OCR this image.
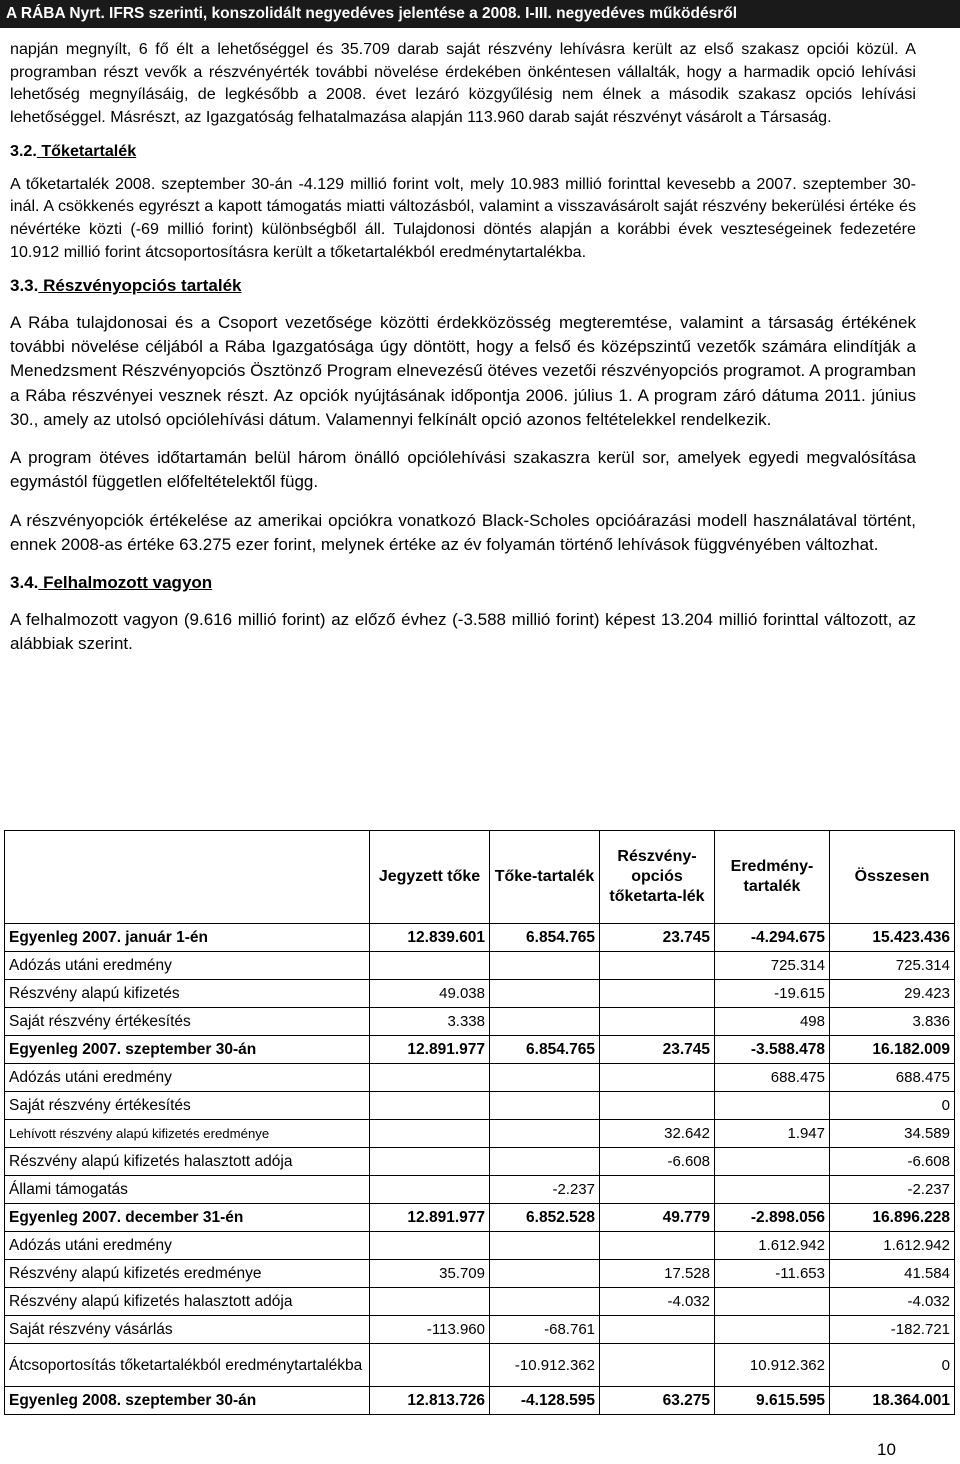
A RÁBA Nyrt. IFRS szerinti, konszolidált negyedéves jelentése a 2008. I-III. negyedéves működésről

napján megnyílt, 6 fő élt a lehetőséggel és 35.709 darab saját részvény lehívásra került az első szakasz opciói közül. A programban részt vevők a részvényérték további növelése érdekében önkéntesen vállalták, hogy a harmadik opció lehívási lehetőség megnyílásáig, de legkésőbb a 2008. évet lezáró közgyűlésig nem élnek a második szakasz opciós lehívási lehetőséggel. Másrészt, az Igazgatóság felhatalmazása alapján 113.960 darab saját részvényt vásárolt a Társaság.

3.2. Tőketartalék

A tőketartalék 2008. szeptember 30-án -4.129 millió forint volt, mely 10.983 millió forinttal kevesebb a 2007. szeptember 30-inál. A csökkenés egyrészt a kapott támogatás miatti változásból, valamint a visszavásárolt saját részvény bekerülési értéke és névértéke közti (-69 millió forint) különbségből áll. Tulajdonosi döntés alapján a korábbi évek veszteségeinek fedezetére 10.912 millió forint átcsoportosításra került a tőketartalékból eredménytartalékba.

3.3. Részvényopciós tartalék

A Rába tulajdonosai és a Csoport vezetősége közötti érdekközösség megteremtése, valamint a társaság értékének további növelése céljából a Rába Igazgatósága úgy döntött, hogy a felső és középszintű vezetők számára elindítják a Menedzsment Részvényopciós Ösztönző Program elnevezésű ötéves vezetői részvényopciós programot. A programban a Rába részvényei vesznek részt. Az opciók nyújtásának időpontja 2006. július 1. A program záró dátuma 2011. június 30., amely az utolsó opciólehívási dátum. Valamennyi felkínált opció azonos feltételekkel rendelkezik.

A program ötéves időtartamán belül három önálló opciólehívási szakaszra kerül sor, amelyek egyedi megvalósítása egymástól független előfeltételektől függ.

A részvényopciók értékelése az amerikai opciókra vonatkozó Black-Scholes opcióárazási modell használatával történt, ennek 2008-as értéke 63.275 ezer forint, melynek értéke az év folyamán történő lehívások függvényében változhat.

3.4. Felhalmozott vagyon

A felhalmozott vagyon (9.616 millió forint) az előző évhez (-3.588 millió forint) képest 13.204 millió forinttal változott, az alábbiak szerint.

	Jegyzett tőke	Tőke-tartalék	Részvény-opciós tőketarta-lék	Eredmény-tartalék	Összesen
Egyenleg 2007. január 1-én	12.839.601	6.854.765	23.745	-4.294.675	15.423.436
Adózás utáni eredmény				725.314	725.314
Részvény alapú kifizetés	49.038			-19.615	29.423
Saját részvény értékesítés	3.338			498	3.836
Egyenleg 2007. szeptember 30-án	12.891.977	6.854.765	23.745	-3.588.478	16.182.009
Adózás utáni eredmény				688.475	688.475
Saját részvény értékesítés					0
Lehívott részvény alapú kifizetés eredménye			32.642	1.947	34.589
Részvény alapú kifizetés halasztott adója			-6.608		-6.608
Állami támogatás		-2.237			-2.237
Egyenleg 2007. december 31-én	12.891.977	6.852.528	49.779	-2.898.056	16.896.228
Adózás utáni eredmény				1.612.942	1.612.942
Részvény alapú kifizetés eredménye	35.709		17.528	-11.653	41.584
Részvény alapú kifizetés halasztott adója			-4.032		-4.032
Saját részvény vásárlás	-113.960	-68.761			-182.721
Átcsoportosítás tőketartalékból eredménytartalékba		-10.912.362		10.912.362	0
Egyenleg 2008. szeptember 30-án	12.813.726	-4.128.595	63.275	9.615.595	18.364.001
10
